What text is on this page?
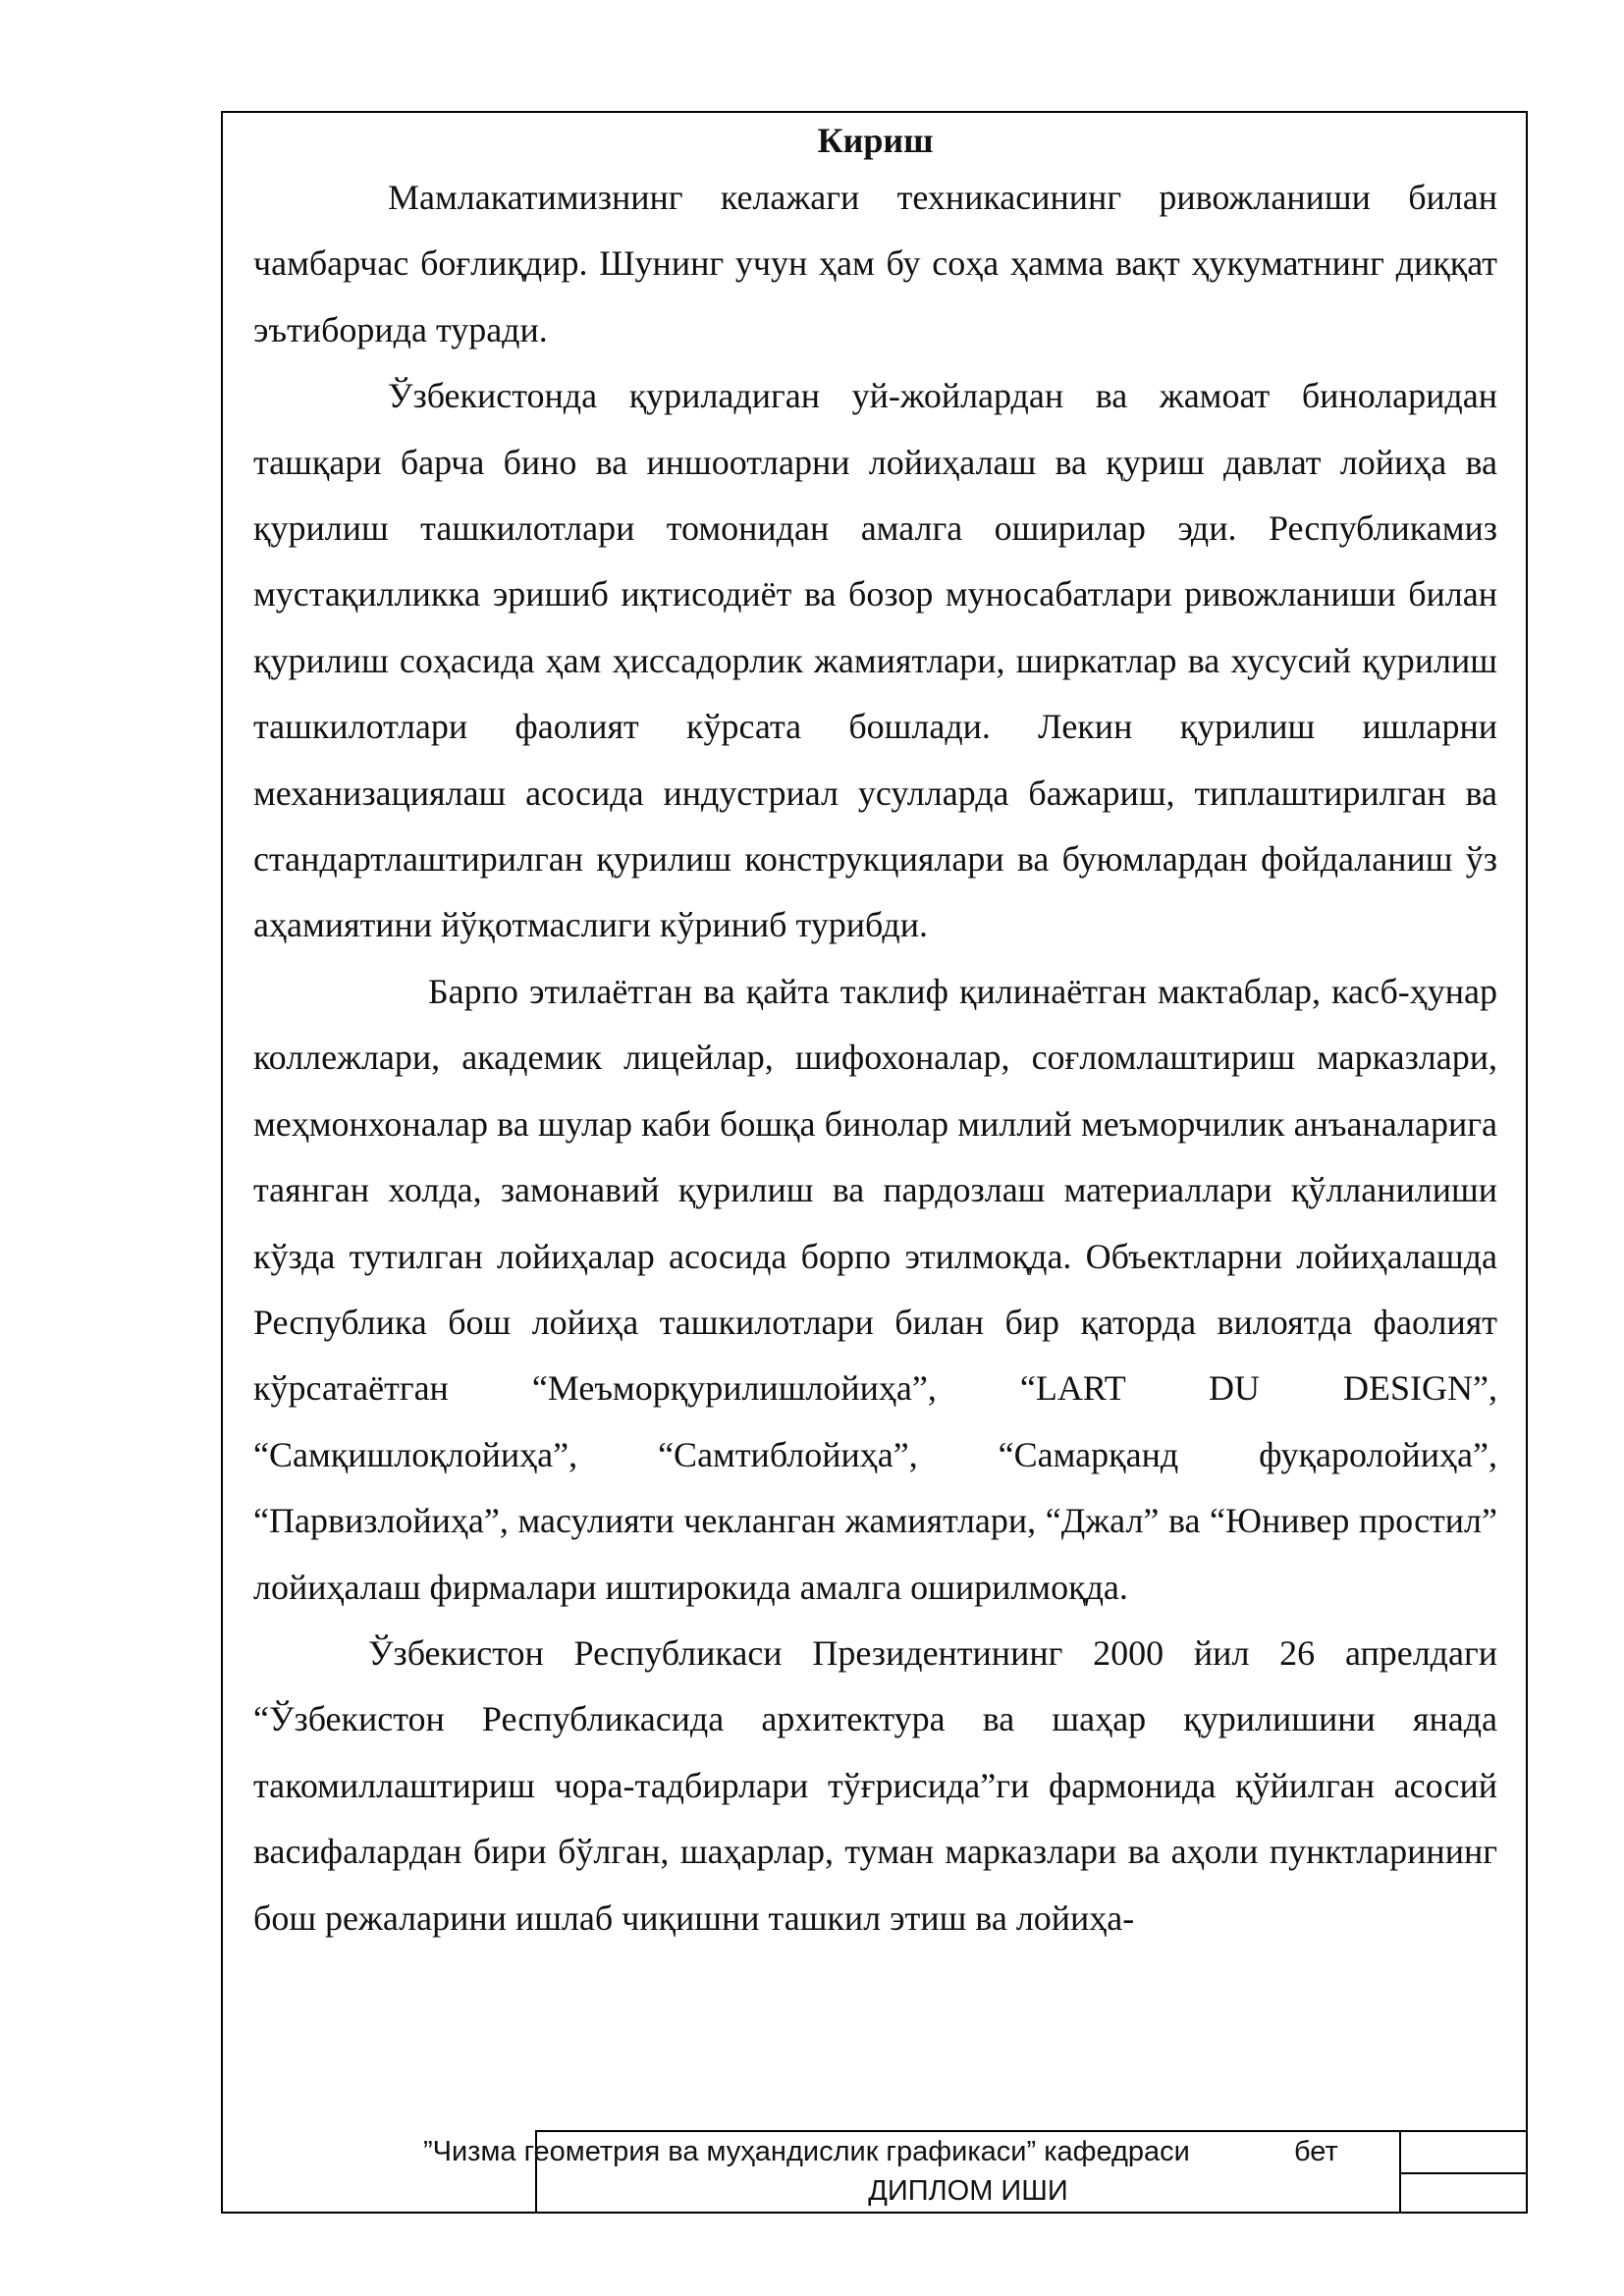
Кириш

Мамлакатимизнинг келажаги техникасининг ривожланиши билан чамбарчас боғлиқдир. Шунинг учун ҳам бу соҳа ҳамма вақт ҳукуматнинг диққат эътиборида туради.

Ўзбекистонда қуриладиган уй-жойлардан ва жамоат биноларидан ташқари барча бино ва иншоотларни лойиҳалаш ва қуриш давлат лойиҳа ва қурилиш ташкилотлари томонидан амалга оширилар эди. Республикамиз мустақилликка эришиб иқтисодиёт ва бозор муносабатлари ривожланиши билан қурилиш соҳасида ҳам ҳиссадорлик жамиятлари, ширкатлар ва хусусий қурилиш ташкилотлари фаолият кўрсата бошлади. Лекин қурилиш ишларни механизациялаш асосида индустриал усулларда бажариш, типлаштирилган ва стандартлаштирилган қурилиш конструкциялари ва буюмлардан фойдаланиш ўз аҳамиятини йўқотмаслиги кўриниб турибди.

Барпо этилаётган ва қайта таклиф қилинаётган мактаблар, касб-ҳунар коллежлари, академик лицейлар, шифохоналар, соғломлаштириш марказлари, меҳмонхоналар ва шулар каби бошқа бинолар миллий меъморчилик анъаналарига таянган холда, замонавий қурилиш ва пардозлаш материаллари қўлланилиши кўзда тутилган лойиҳалар асосида борпо этилмоқда. Объектларни лойиҳалашда Республика бош лойиҳа ташкилотлари билан бир қаторда вилоятда фаолият кўрсатаётган “Меъморқурилишлойиҳа”, “LART DU DESIGN”, “Самқишлоқлойиҳа”, “Самтиблойиҳа”, “Самарқанд фуқаролойиҳа”, “Парвизлойиҳа”, масулияти чекланган жамиятлари, “Джал” ва “Юнивер простил” лойиҳалаш фирмалари иштирокида амалга оширилмоқда.

Ўзбекистон Республикаси Президентининг 2000 йил 26 апрелдаги “Ўзбекистон Республикасида архитектура ва шаҳар қурилишини янада такомиллаштириш чора-тадбирлари тўғрисида”ги фармонида қўйилган асосий васифалардан бири бўлган, шаҳарлар, туман марказлари ва аҳоли пунктларининг бош режаларини ишлаб чиқишни ташкил этиш ва лойиҳа-

”Чизма геометрия ва муҳандислик графикаси” кафедраси	бет
ДИПЛОМ ИШИ
